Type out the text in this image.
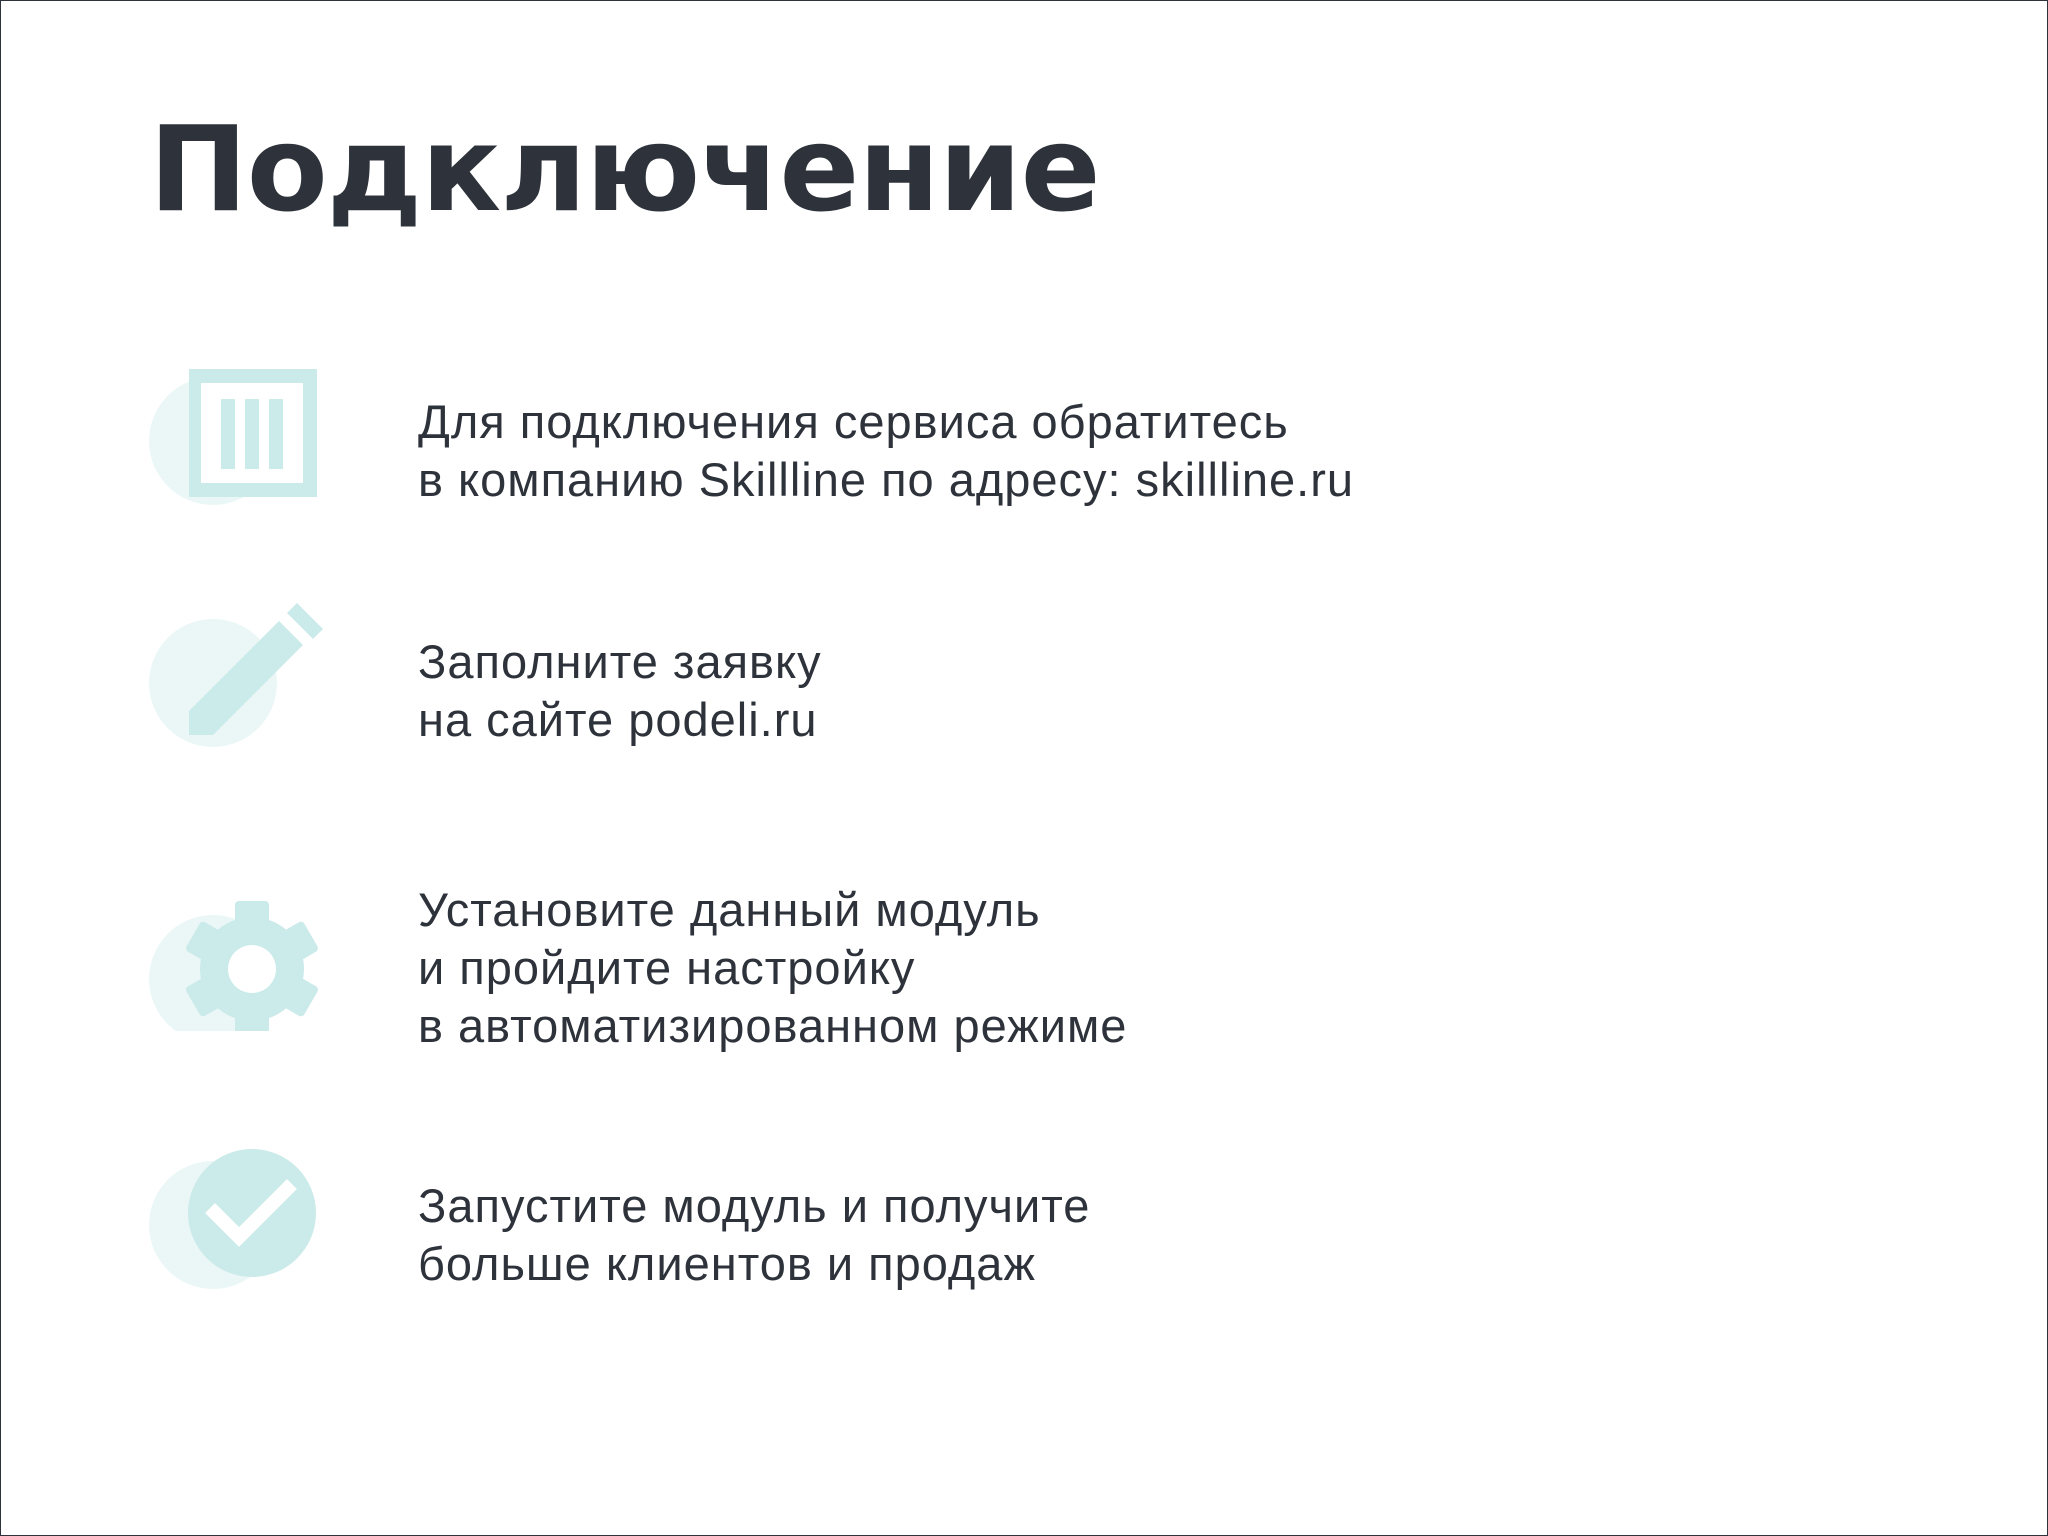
Подключение
Для подключения сервиса обратитесь
в компанию Skillline по адресу: skillline.ru
Заполните заявку
на сайте podeli.ru
Установите данный модуль
и пройдите настройку
в автоматизированном режиме
Запустите модуль и получите
больше клиентов и продаж
